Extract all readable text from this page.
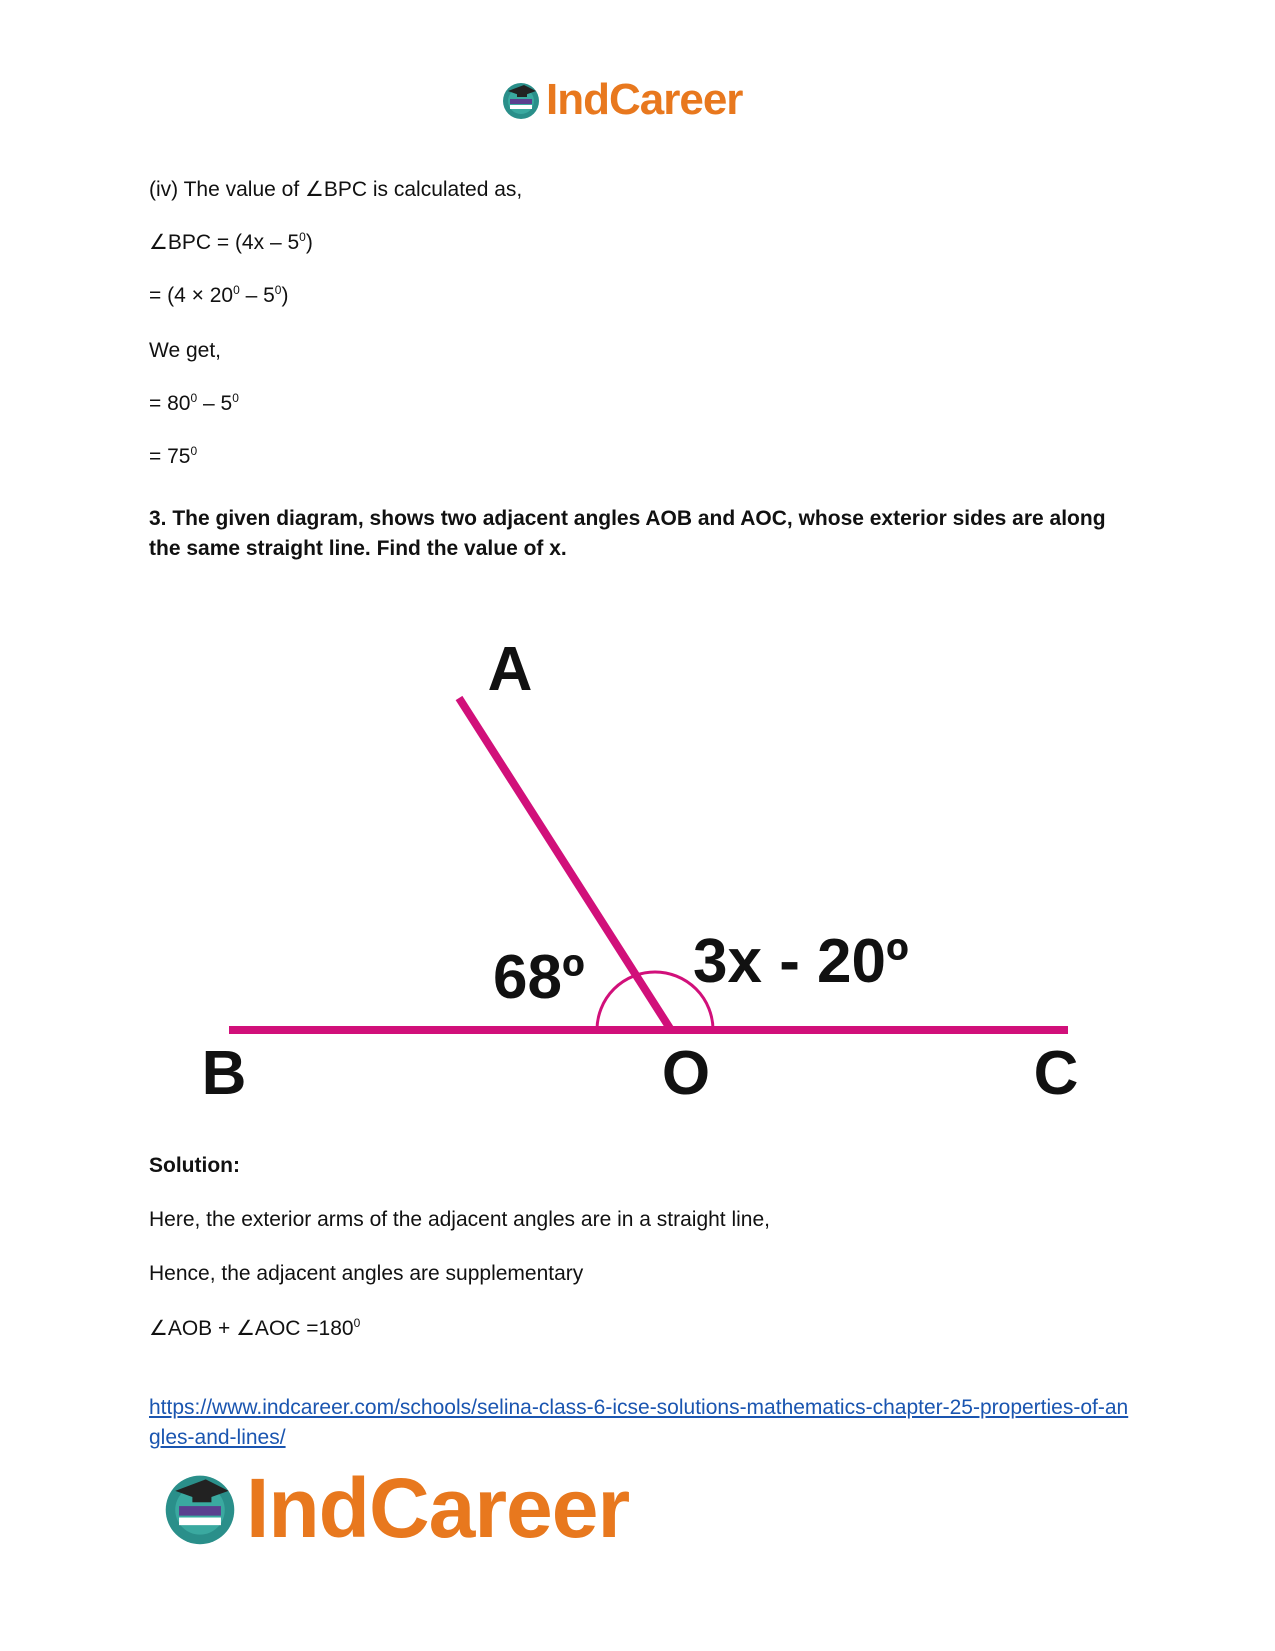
IndCareer
(iv) The value of ∠BPC is calculated as,
∠BPC = $(4x - 5^0)$
= $(4 \times 20^0 - 5^0)$
We get,
= $80^0 - 5^0$
= $75^0$
3. The given diagram, shows two adjacent angles AOB and AOC, whose exterior sides are along the same straight line. Find the value of x.
A
B	O	C
68º 3x - 20º
Solution:
Here, the exterior arms of the adjacent angles are in a straight line,
Hence, the adjacent angles are supplementary
∠AOB + ∠AOC $=180^0$
https://www.indcareer.com/schools/selina-class-6-icse-solutions-mathematics-chapter-25-properties-of-angles-and-lines/
IndCareer
